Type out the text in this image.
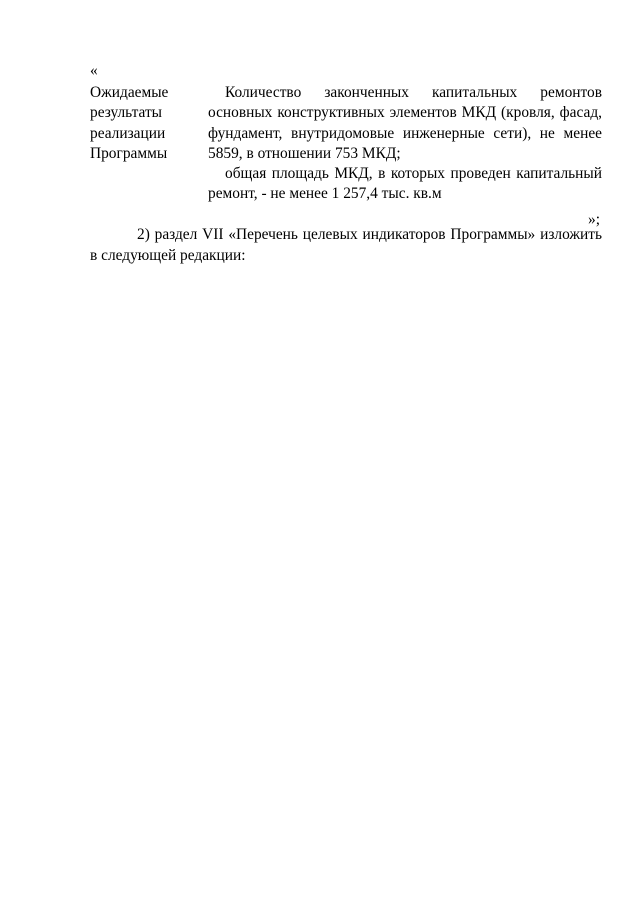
«
Ожидаемые
результаты
реализации
Программы

Количество законченных капитальных ремонтов основных конструктивных элементов МКД (кровля, фасад, фундамент, внутридомовые инженерные сети), не менее 5859, в отношении 753 МКД;

общая площадь МКД, в которых проведен капитальный ремонт, - не менее 1 257,4 тыс. кв.м

»;

2) раздел VII «Перечень целевых индикаторов Программы» изложить в следующей редакции:
